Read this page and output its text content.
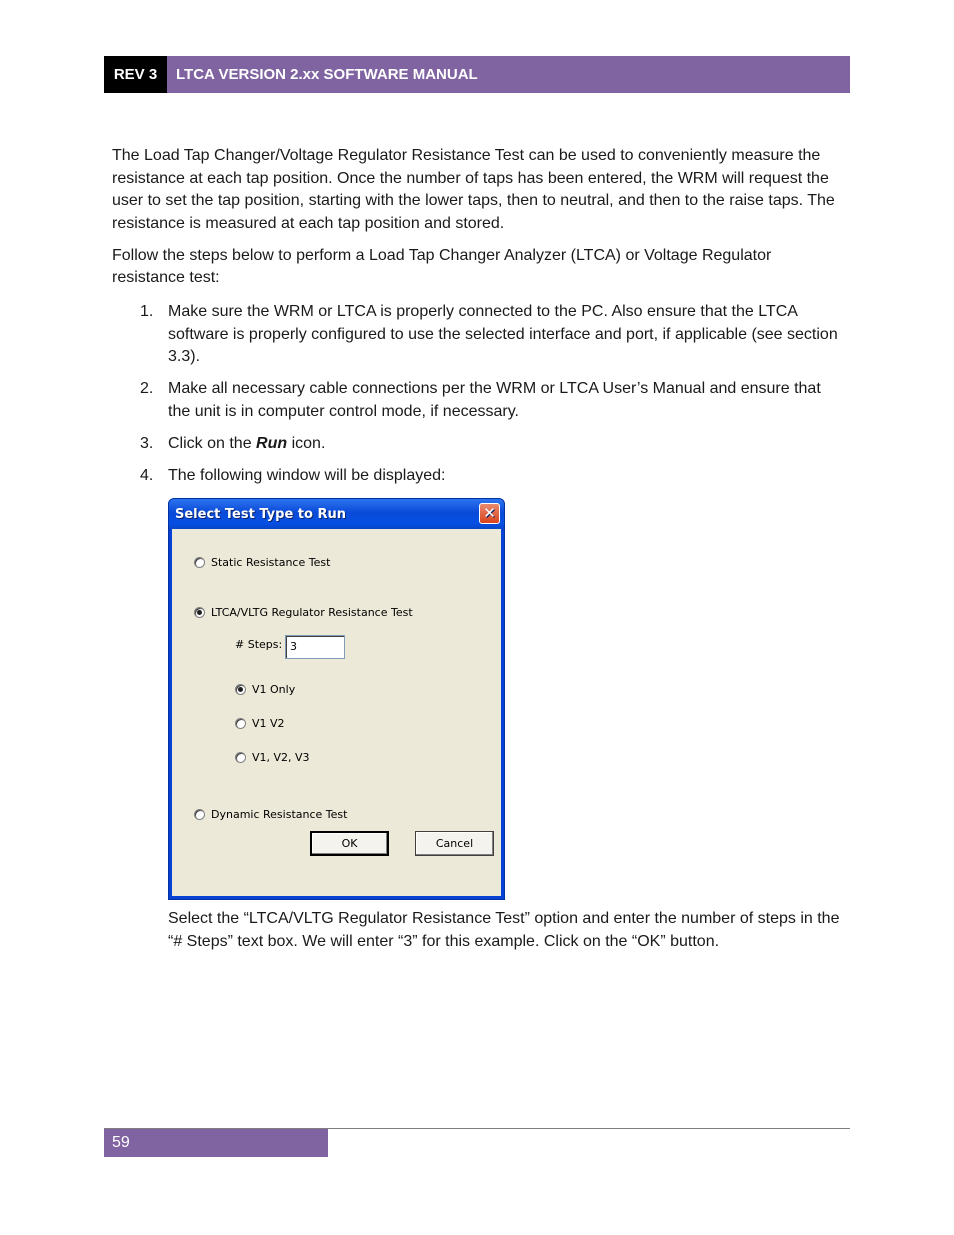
REV 3	LTCA VERSION 2.xx SOFTWARE MANUAL

The Load Tap Changer/Voltage Regulator Resistance Test can be used to conveniently measure the resistance at each tap position. Once the number of taps has been entered, the WRM will request the user to set the tap position, starting with the lower taps, then to neutral, and then to the raise taps. The resistance is measured at each tap position and stored.

Follow the steps below to perform a Load Tap Changer Analyzer (LTCA) or Voltage Regulator resistance test:

1. Make sure the WRM or LTCA is properly connected to the PC. Also ensure that the LTCA software is properly configured to use the selected interface and port, if applicable (see section 3.3).
2. Make all necessary cable connections per the WRM or LTCA User’s Manual and ensure that the unit is in computer control mode, if necessary.
3. Click on the Run icon.
4. The following window will be displayed:
Select Test Type to Run	✕
Static Resistance Test
LTCA/VLTG Regulator Resistance Test
# Steps: 3
V1 Only
V1 V2
V1, V2, V3
Dynamic Resistance Test
OK	Cancel
Select the “LTCA/VLTG Regulator Resistance Test” option and enter the number of steps in the “# Steps” text box. We will enter “3” for this example. Click on the “OK” button.
59
